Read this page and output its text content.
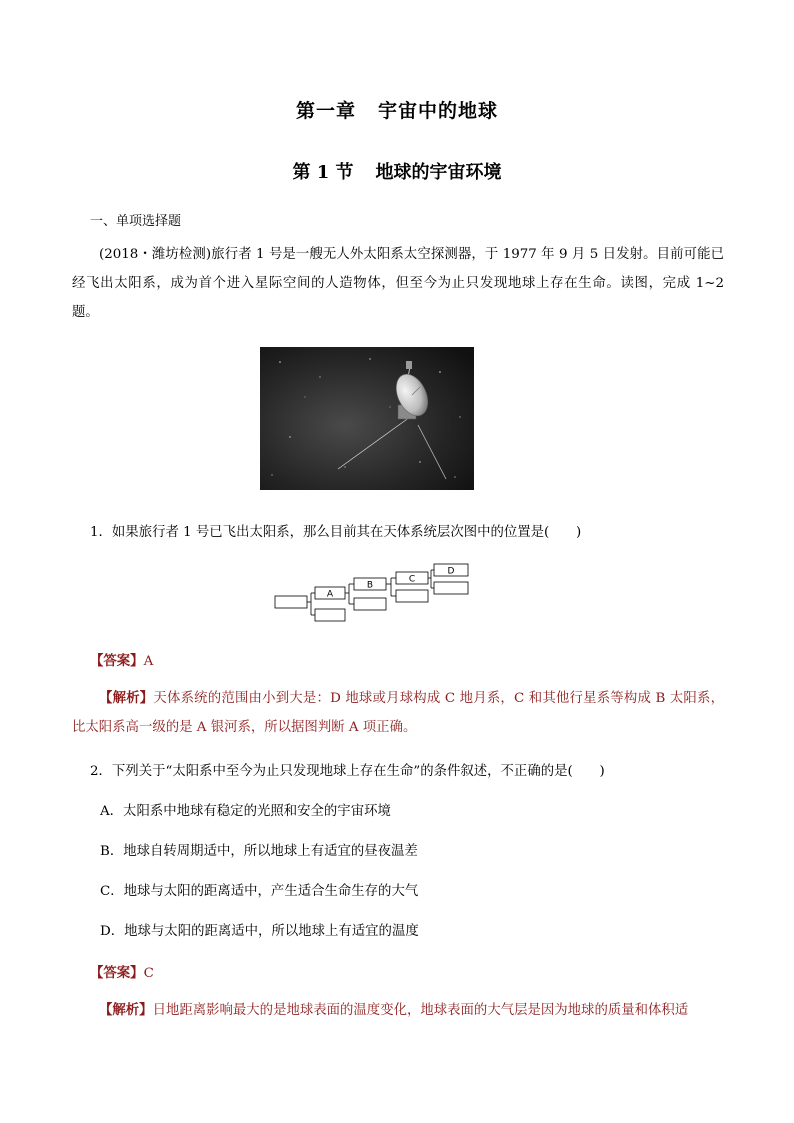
第一章 宇宙中的地球
第 1 节 地球的宇宙环境
一、单项选择题
(2018・潍坊检测)旅行者 1 号是一艘无人外太阳系太空探测器，于 1977 年 9 月 5 日发射。目前可能已经飞出太阳系，成为首个进入星际空间的人造物体，但至今为止只发现地球上存在生命。读图，完成 1~2 题。
1．如果旅行者 1 号已飞出太阳系，那么目前其在天体系统层次图中的位置是(　　)
A
B
C
D
【答案】A
【解析】天体系统的范围由小到大是：D 地球或月球构成 C 地月系，C 和其他行星系等构成 B 太阳系，比太阳系高一级的是 A 银河系，所以据图判断 A 项正确。
2．下列关于“太阳系中至今为止只发现地球上存在生命”的条件叙述，不正确的是(　　)
A．太阳系中地球有稳定的光照和安全的宇宙环境
B．地球自转周期适中，所以地球上有适宜的昼夜温差
C．地球与太阳的距离适中，产生适合生命生存的大气
D．地球与太阳的距离适中，所以地球上有适宜的温度
【答案】C
【解析】日地距离影响最大的是地球表面的温度变化，地球表面的大气层是因为地球的质量和体积适
